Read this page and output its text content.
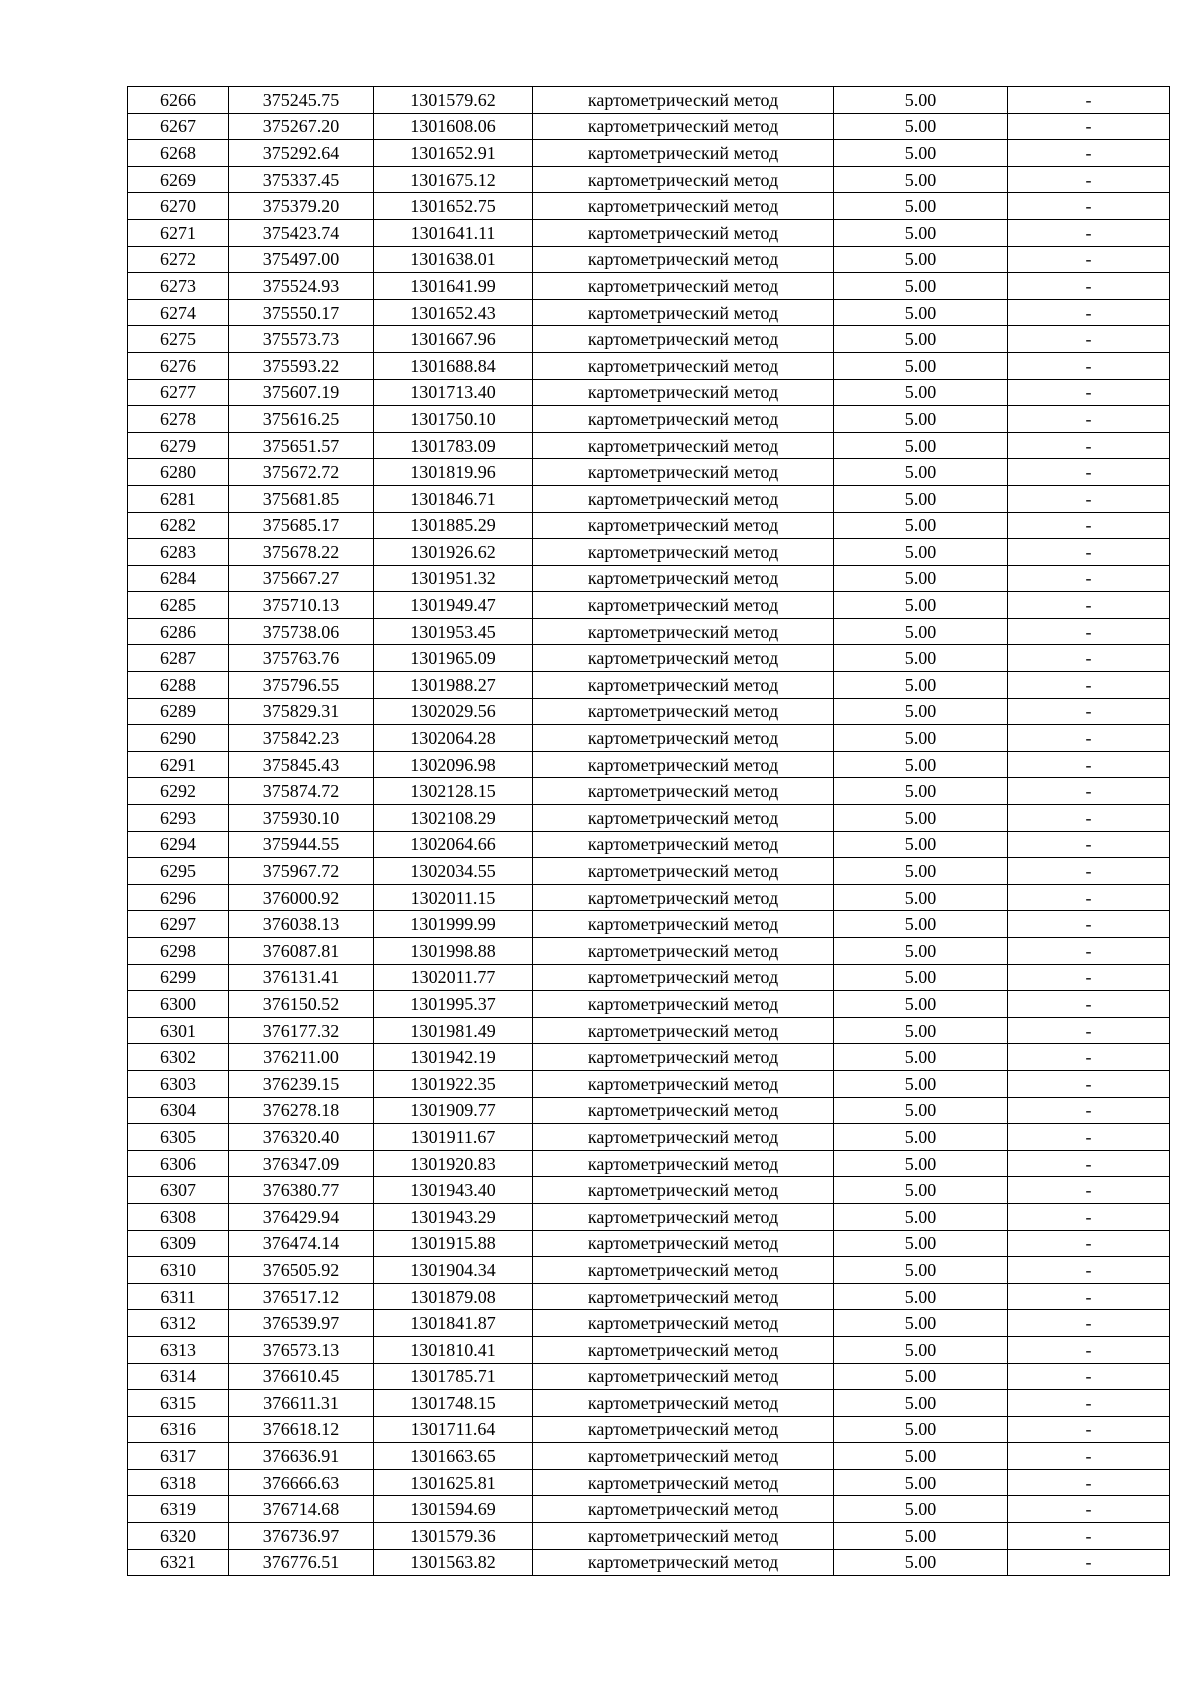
6266	375245.75	1301579.62	картометрический метод	5.00	-
6267	375267.20	1301608.06	картометрический метод	5.00	-
6268	375292.64	1301652.91	картометрический метод	5.00	-
6269	375337.45	1301675.12	картометрический метод	5.00	-
6270	375379.20	1301652.75	картометрический метод	5.00	-
6271	375423.74	1301641.11	картометрический метод	5.00	-
6272	375497.00	1301638.01	картометрический метод	5.00	-
6273	375524.93	1301641.99	картометрический метод	5.00	-
6274	375550.17	1301652.43	картометрический метод	5.00	-
6275	375573.73	1301667.96	картометрический метод	5.00	-
6276	375593.22	1301688.84	картометрический метод	5.00	-
6277	375607.19	1301713.40	картометрический метод	5.00	-
6278	375616.25	1301750.10	картометрический метод	5.00	-
6279	375651.57	1301783.09	картометрический метод	5.00	-
6280	375672.72	1301819.96	картометрический метод	5.00	-
6281	375681.85	1301846.71	картометрический метод	5.00	-
6282	375685.17	1301885.29	картометрический метод	5.00	-
6283	375678.22	1301926.62	картометрический метод	5.00	-
6284	375667.27	1301951.32	картометрический метод	5.00	-
6285	375710.13	1301949.47	картометрический метод	5.00	-
6286	375738.06	1301953.45	картометрический метод	5.00	-
6287	375763.76	1301965.09	картометрический метод	5.00	-
6288	375796.55	1301988.27	картометрический метод	5.00	-
6289	375829.31	1302029.56	картометрический метод	5.00	-
6290	375842.23	1302064.28	картометрический метод	5.00	-
6291	375845.43	1302096.98	картометрический метод	5.00	-
6292	375874.72	1302128.15	картометрический метод	5.00	-
6293	375930.10	1302108.29	картометрический метод	5.00	-
6294	375944.55	1302064.66	картометрический метод	5.00	-
6295	375967.72	1302034.55	картометрический метод	5.00	-
6296	376000.92	1302011.15	картометрический метод	5.00	-
6297	376038.13	1301999.99	картометрический метод	5.00	-
6298	376087.81	1301998.88	картометрический метод	5.00	-
6299	376131.41	1302011.77	картометрический метод	5.00	-
6300	376150.52	1301995.37	картометрический метод	5.00	-
6301	376177.32	1301981.49	картометрический метод	5.00	-
6302	376211.00	1301942.19	картометрический метод	5.00	-
6303	376239.15	1301922.35	картометрический метод	5.00	-
6304	376278.18	1301909.77	картометрический метод	5.00	-
6305	376320.40	1301911.67	картометрический метод	5.00	-
6306	376347.09	1301920.83	картометрический метод	5.00	-
6307	376380.77	1301943.40	картометрический метод	5.00	-
6308	376429.94	1301943.29	картометрический метод	5.00	-
6309	376474.14	1301915.88	картометрический метод	5.00	-
6310	376505.92	1301904.34	картометрический метод	5.00	-
6311	376517.12	1301879.08	картометрический метод	5.00	-
6312	376539.97	1301841.87	картометрический метод	5.00	-
6313	376573.13	1301810.41	картометрический метод	5.00	-
6314	376610.45	1301785.71	картометрический метод	5.00	-
6315	376611.31	1301748.15	картометрический метод	5.00	-
6316	376618.12	1301711.64	картометрический метод	5.00	-
6317	376636.91	1301663.65	картометрический метод	5.00	-
6318	376666.63	1301625.81	картометрический метод	5.00	-
6319	376714.68	1301594.69	картометрический метод	5.00	-
6320	376736.97	1301579.36	картометрический метод	5.00	-
6321	376776.51	1301563.82	картометрический метод	5.00	-
